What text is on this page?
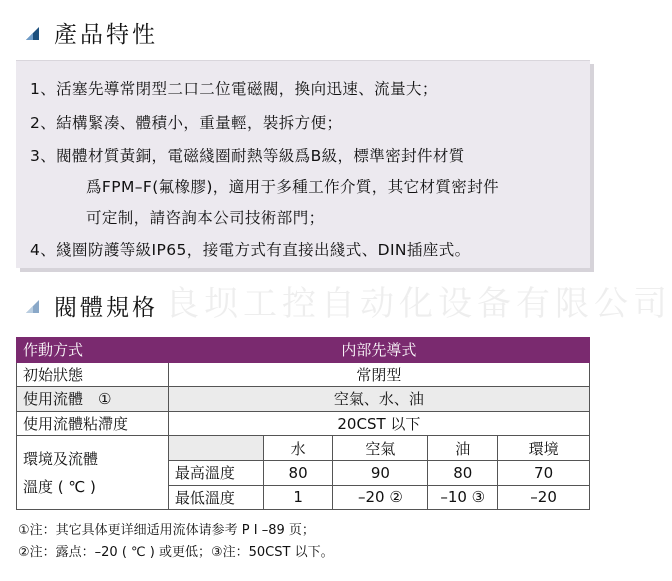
產品特性
1、活塞先導常閉型二口二位電磁閥，換向迅速、流量大；
2、結構緊凑、體積小，重量輕，裝拆方便；
3、閥體材質黃銅，電磁綫圈耐熱等級爲B級，標準密封件材質
爲FPM–F(氟橡膠)，適用于多種工作介質，其它材質密封件
可定制，請咨詢本公司技術部門；
4、綫圈防護等級IP65，接電方式有直接出綫式、DIN插座式。
良坝工控自动化设备有限公司
閥體規格
作動方式	内部先導式				
初始狀態	常閉型				
使用流體　①	空氣、水、油				
使用流體粘滯度	20CST 以下				
環境及流體
溫度 ( ℃ )		水	空氣	油	環境
	最高溫度	80	90	80	70
	最低溫度	1	–20 ②	–10 ③	–20
①注：其它具体更详细适用流体请参考 P Ⅰ –89 页；
②注：露点：–20 ( ℃ ) 或更低；③注：50CST 以下。
